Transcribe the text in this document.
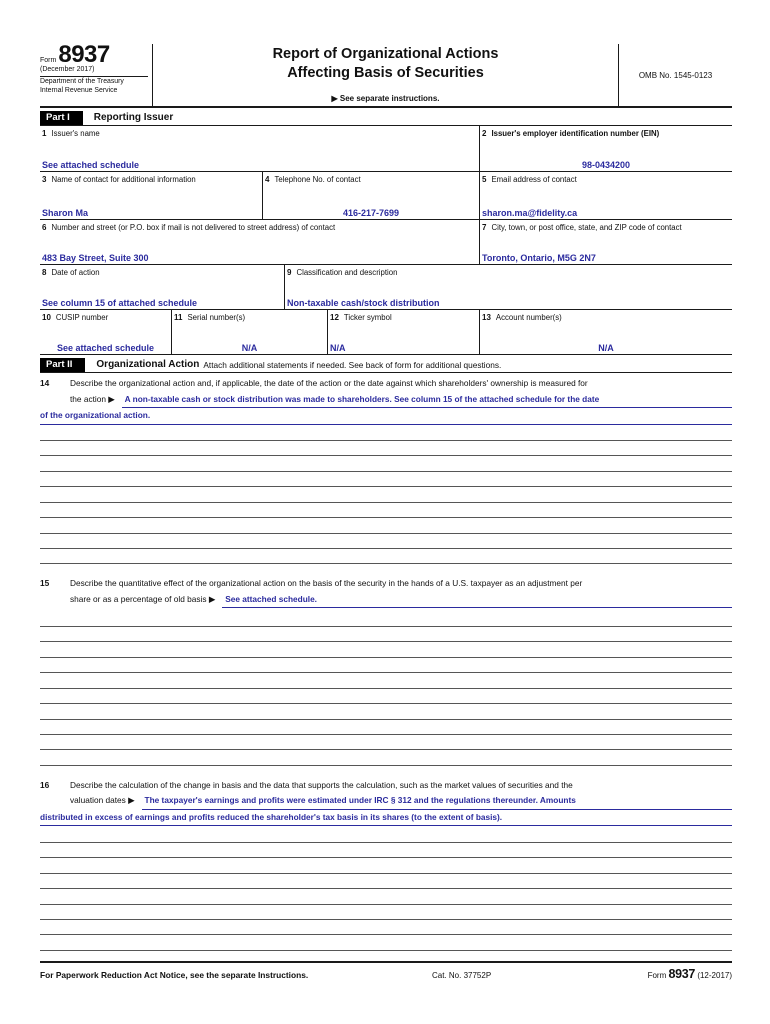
Form 8937
(December 2017)
Department of the Treasury
Internal Revenue Service
Report of Organizational Actions
Affecting Basis of Securities
▶ See separate instructions.
OMB No. 1545-0123
Part I	Reporting Issuer
1 Issuer's name
See attached schedule
2 Issuer's employer identification number (EIN)
98-0434200
3 Name of contact for additional information
Sharon Ma
4 Telephone No. of contact
416-217-7699
5 Email address of contact
sharon.ma@fidelity.ca
6 Number and street (or P.O. box if mail is not delivered to street address) of contact
483 Bay Street, Suite 300
7 City, town, or post office, state, and ZIP code of contact
Toronto, Ontario, M5G 2N7
8 Date of action
See column 15 of attached schedule
9 Classification and description
Non-taxable cash/stock distribution
10 CUSIP number
See attached schedule
11 Serial number(s)
N/A
12 Ticker symbol
N/A
13 Account number(s)
N/A
Part II	Organizational Action Attach additional statements if needed. See back of form for additional questions.
14	Describe the organizational action and, if applicable, the date of the action or the date against which shareholders' ownership is measured for
the action ▶	A non-taxable cash or stock distribution was made to shareholders. See column 15 of the attached schedule for the date
of the organizational action.
15	Describe the quantitative effect of the organizational action on the basis of the security in the hands of a U.S. taxpayer as an adjustment per
share or as a percentage of old basis ▶	See attached schedule.
16	Describe the calculation of the change in basis and the data that supports the calculation, such as the market values of securities and the
valuation dates ▶	The taxpayer's earnings and profits were estimated under IRC § 312 and the regulations thereunder. Amounts
distributed in excess of earnings and profits reduced the shareholder's tax basis in its shares (to the extent of basis).
For Paperwork Reduction Act Notice, see the separate Instructions.	Cat. No. 37752P	Form 8937 (12-2017)
